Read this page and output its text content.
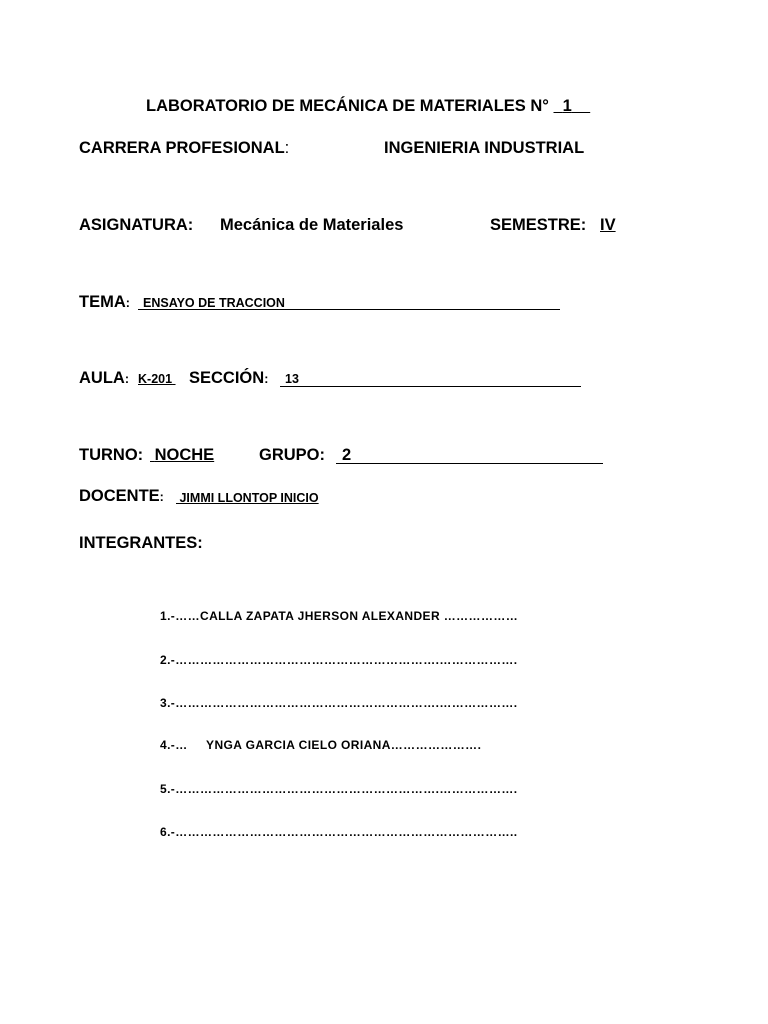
LABORATORIO DE MECÁNICA DE MATERIALES N° 1
CARRERA PROFESIONAL:	INGENIERIA INDUSTRIAL
ASIGNATURA: Mecánica de Materiales	SEMESTRE: IV
TEMA: ENSAYO DE TRACCION
AULA: K-201 SECCIÓN: 13
TURNO: NOCHE	GRUPO: 2
DOCENTE: JIMMI LLONTOP INICIO
INTEGRANTES:
1.-……CALLA ZAPATA JHERSON ALEXANDER ………………
2.-……………………………………………………….……………….
3.-……………………………………………………….……………….
4.-…     YNGA GARCIA CIELO ORIANA………………….
5.-……………………………………………………….……………….
6.-………………………………………………………………………..
